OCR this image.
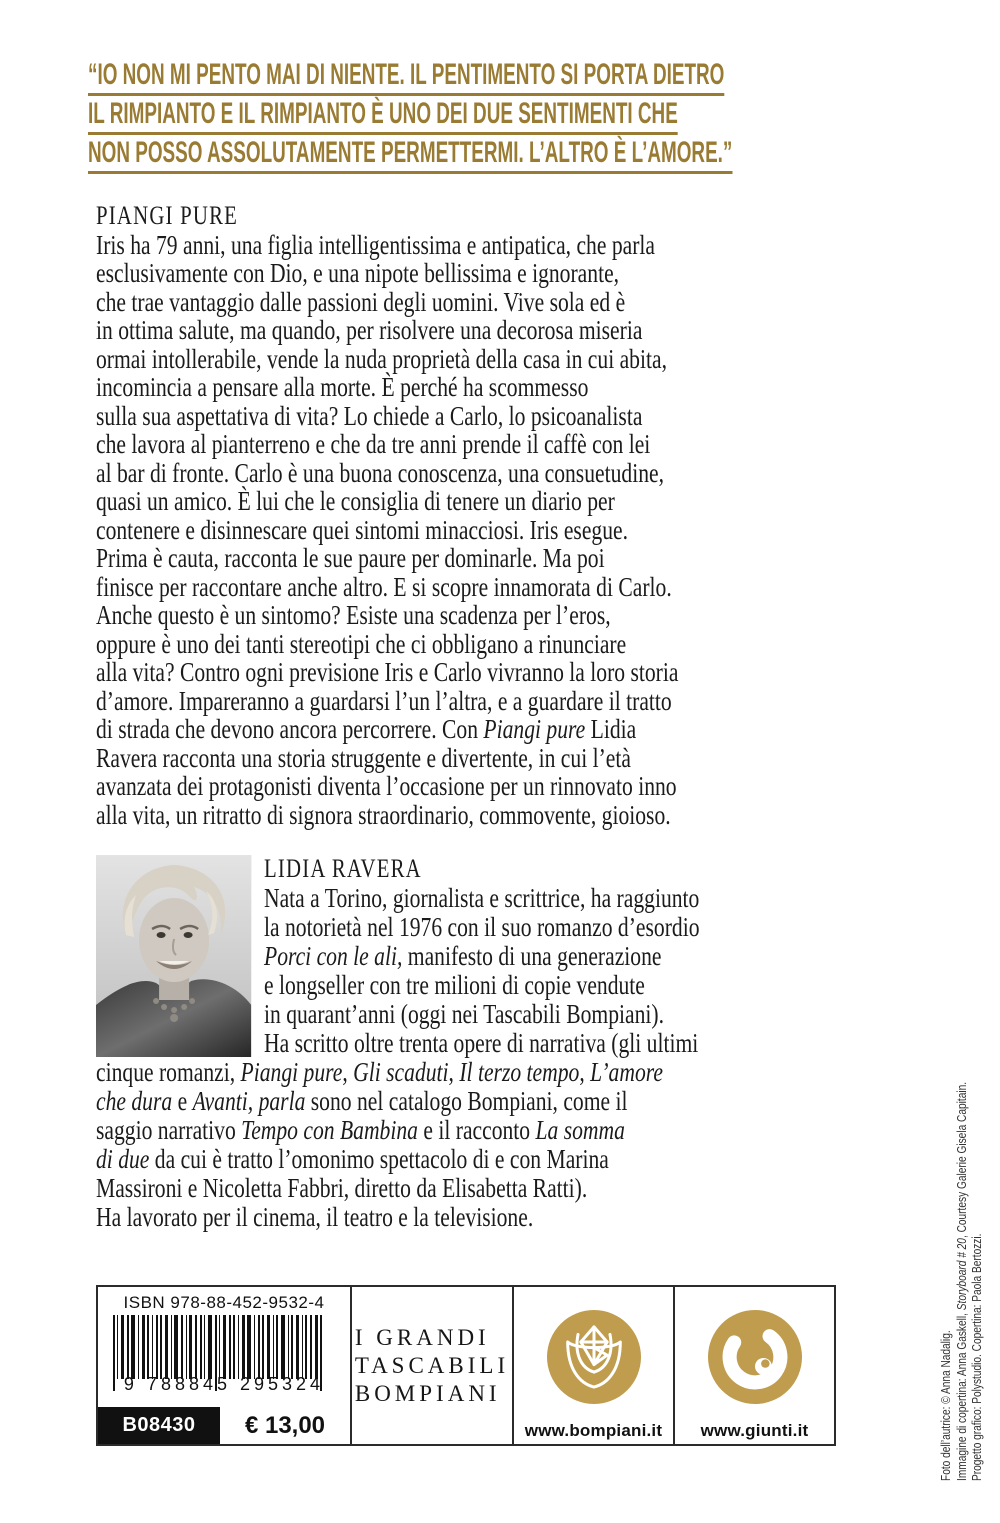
“IO NON MI PENTO MAI DI NIENTE. IL PENTIMENTO SI PORTA DIETRO
IL RIMPIANTO E IL RIMPIANTO È UNO DEI DUE SENTIMENTI CHE
NON POSSO ASSOLUTAMENTE PERMETTERMI. L’ALTRO È L’AMORE.”
PIANGI PURE
Iris ha 79 anni, una figlia intelligentissima e antipatica, che parla
esclusivamente con Dio, e una nipote bellissima e ignorante,
che trae vantaggio dalle passioni degli uomini. Vive sola ed è
in ottima salute, ma quando, per risolvere una decorosa miseria
ormai intollerabile, vende la nuda proprietà della casa in cui abita,
incomincia a pensare alla morte. È perché ha scommesso
sulla sua aspettativa di vita? Lo chiede a Carlo, lo psicoanalista
che lavora al pianterreno e che da tre anni prende il caffè con lei
al bar di fronte. Carlo è una buona conoscenza, una consuetudine,
quasi un amico. È lui che le consiglia di tenere un diario per
contenere e disinnescare quei sintomi minacciosi. Iris esegue.
Prima è cauta, racconta le sue paure per dominarle. Ma poi
finisce per raccontare anche altro. E si scopre innamorata di Carlo.
Anche questo è un sintomo? Esiste una scadenza per l’eros,
oppure è uno dei tanti stereotipi che ci obbligano a rinunciare
alla vita? Contro ogni previsione Iris e Carlo vivranno la loro storia
d’amore. Impareranno a guardarsi l’un l’altra, e a guardare il tratto
di strada che devono ancora percorrere. Con Piangi pure Lidia
Ravera racconta una storia struggente e divertente, in cui l’età
avanzata dei protagonisti diventa l’occasione per un rinnovato inno
alla vita, un ritratto di signora straordinario, commovente, gioioso.
LIDIA RAVERA
Nata a Torino, giornalista e scrittrice, ha raggiunto
la notorietà nel 1976 con il suo romanzo d’esordio
Porci con le ali, manifesto di una generazione
e longseller con tre milioni di copie vendute
in quarant’anni (oggi nei Tascabili Bompiani).
Ha scritto oltre trenta opere di narrativa (gli ultimi
cinque romanzi, Piangi pure, Gli scaduti, Il terzo tempo, L’amore
che dura e Avanti, parla sono nel catalogo Bompiani, come il
saggio narrativo Tempo con Bambina e il racconto La somma
di due da cui è tratto l’omonimo spettacolo di e con Marina
Massironi e Nicoletta Fabbri, diretto da Elisabetta Ratti).
Ha lavorato per il cinema, il teatro e la televisione.
ISBN 978-88-452-9532-4
9 788845 295324
B08430	€ 13,00
I GRANDI
TASCABILI
BOMPIANI
www.bompiani.it www.giunti.it	Foto dell’autrice: © Anna Nadalig. Immagine di copertina: Anna Gaskell, Storyboard # 20, Courtesy Galerie Gisela Capitain.
Progetto grafico: Polystudio. Copertina: Paola Bertozzi.
